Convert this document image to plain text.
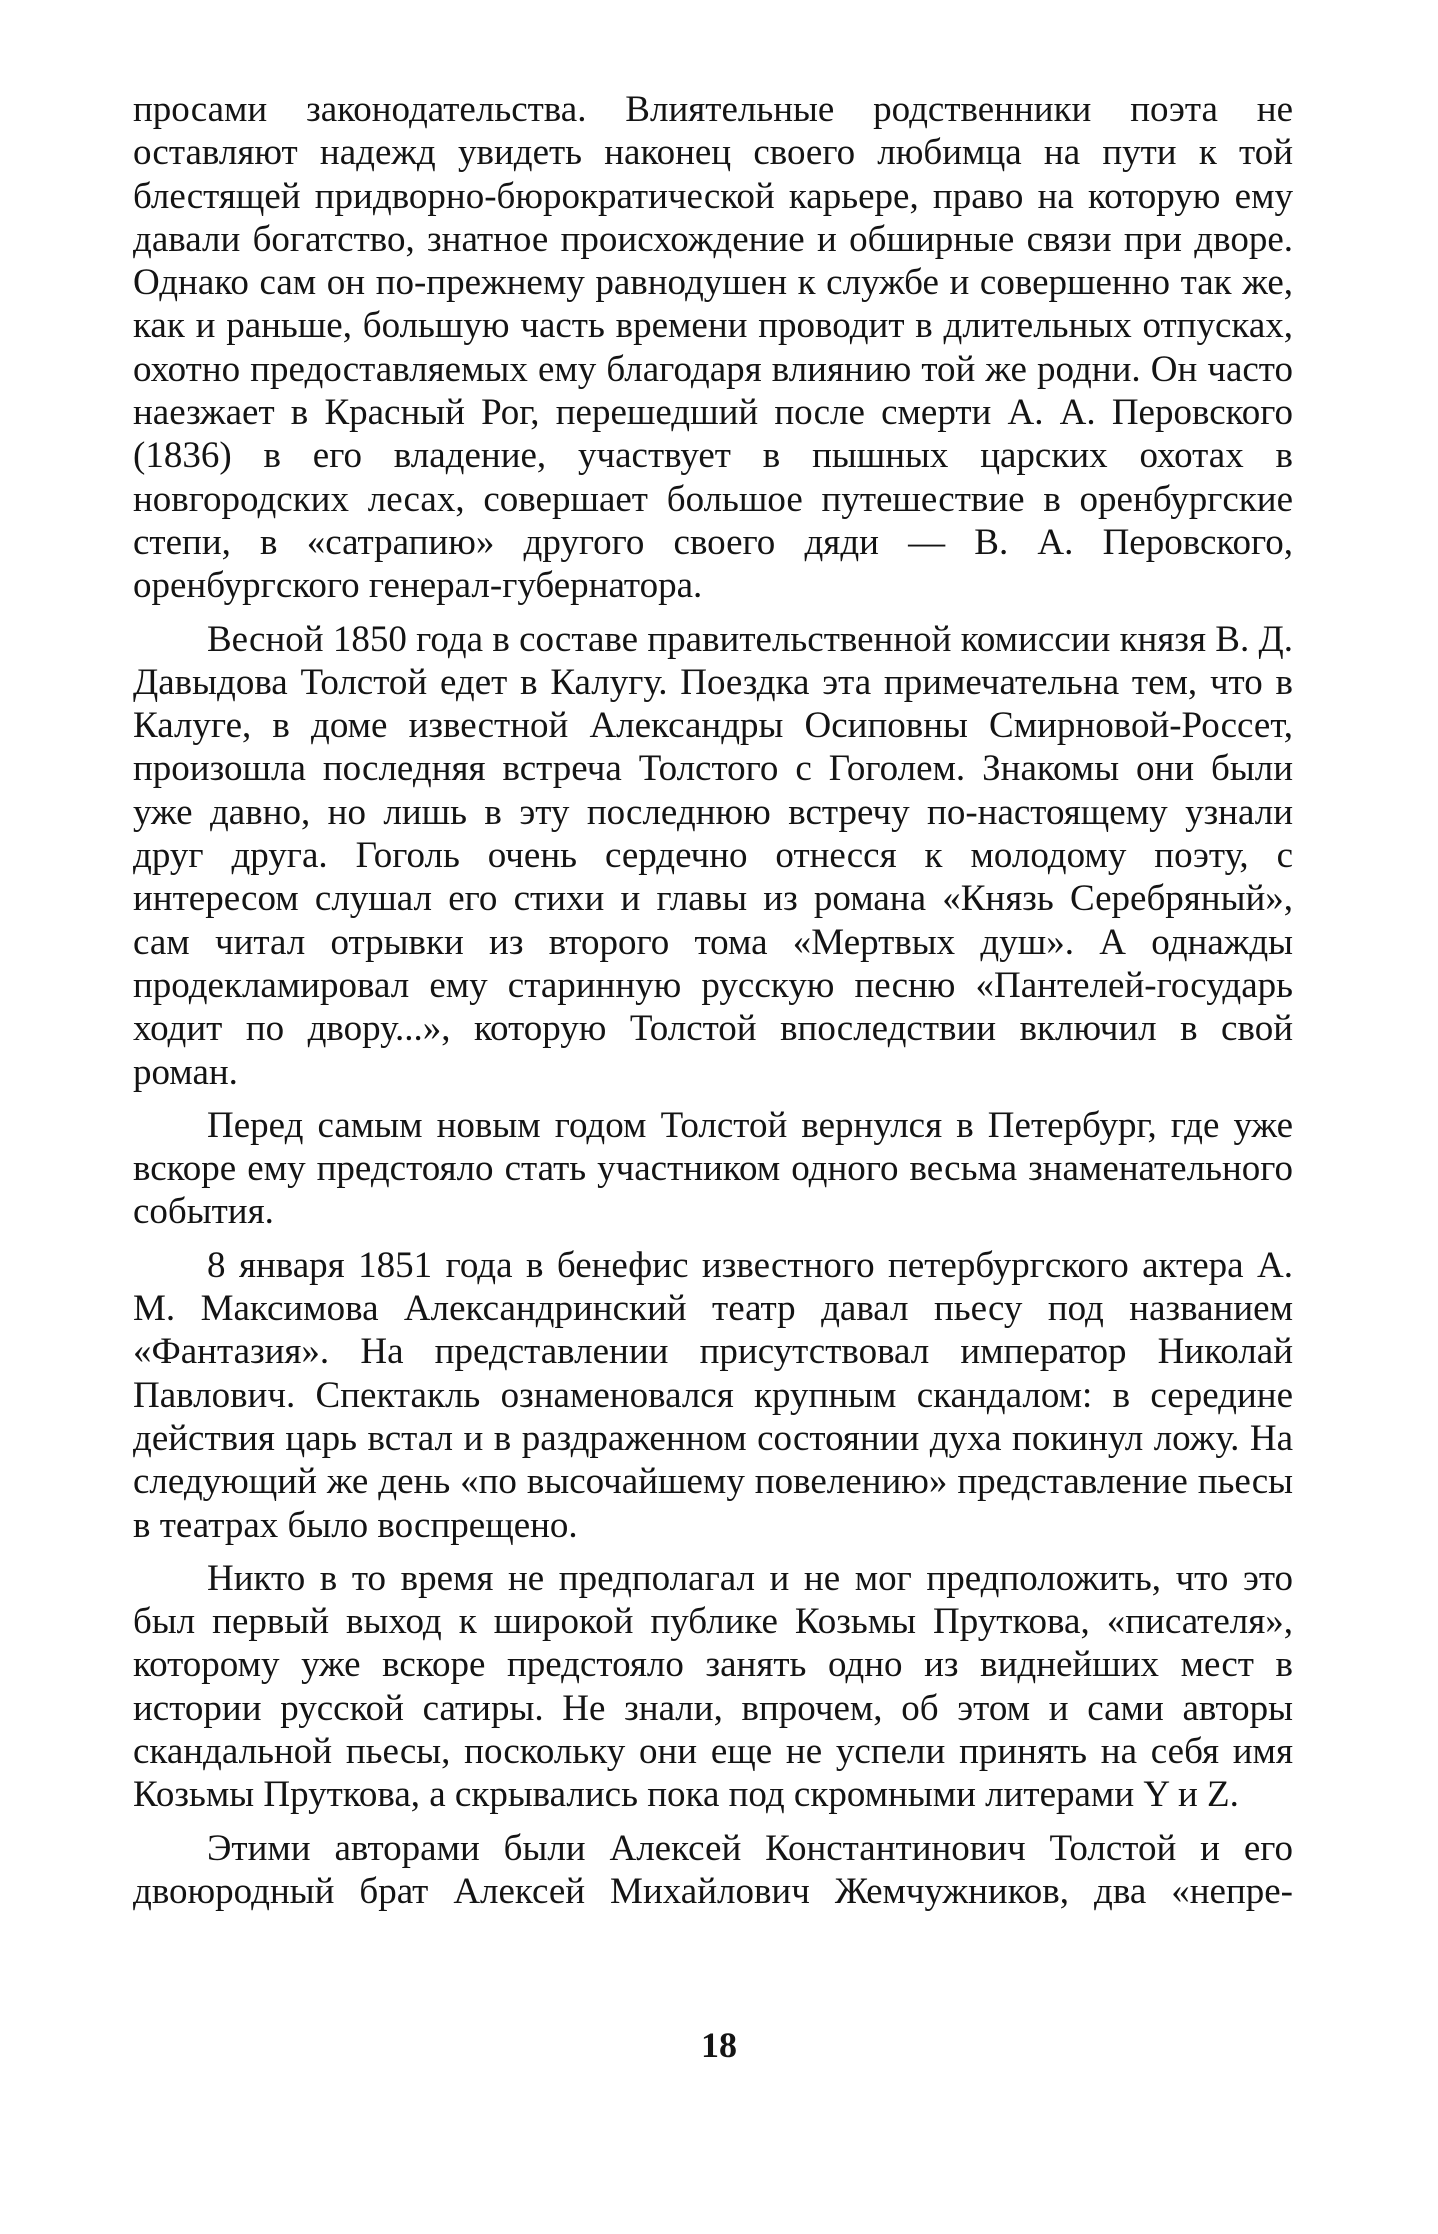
просами законодательства. Влиятельные родственники поэта не оставляют надежд увидеть наконец своего любимца на пути к той блестящей придворно-бюрократической карьере, право на которую ему давали богатство, знатное происхождение и обширные связи при дворе. Однако сам он по-прежнему равнодушен к службе и совершенно так же, как и раньше, большую часть времени проводит в длительных отпусках, охотно предоставляемых ему благодаря влиянию той же родни. Он часто наезжает в Красный Рог, перешедший после смерти А. А. Перовского (1836) в его владение, участвует в пышных царских охотах в новгородских лесах, совершает большое путешествие в оренбургские степи, в «сатрапию» другого своего дяди — В. А. Перовского, оренбургского генерал-губернатора.

Весной 1850 года в составе правительственной комиссии князя В. Д. Давыдова Толстой едет в Калугу. Поездка эта примечательна тем, что в Калуге, в доме известной Александры Осиповны Смирновой-Россет, произошла последняя встреча Толстого с Гоголем. Знакомы они были уже давно, но лишь в эту последнюю встречу по-настоящему узнали друг друга. Гоголь очень сердечно отнесся к молодому поэту, с интересом слушал его стихи и главы из романа «Князь Серебряный», сам читал отрывки из второго тома «Мертвых душ». А однажды продекламировал ему старинную русскую песню «Пантелей-государь ходит по двору...», которую Толстой впоследствии включил в свой роман.

Перед самым новым годом Толстой вернулся в Петербург, где уже вскоре ему предстояло стать участником одного весьма знаменательного события.

8 января 1851 года в бенефис известного петербургского актера А. М. Максимова Александринский театр давал пьесу под названием «Фантазия». На представлении присутствовал император Николай Павлович. Спектакль ознаменовался крупным скандалом: в середине действия царь встал и в раздраженном состоянии духа покинул ложу. На следующий же день «по высочайшему повелению» представление пьесы в театрах было воспрещено.

Никто в то время не предполагал и не мог предположить, что это был первый выход к широкой публике Козьмы Пруткова, «писателя», которому уже вскоре предстояло занять одно из виднейших мест в истории русской сатиры. Не знали, впрочем, об этом и сами авторы скандальной пьесы, поскольку они еще не успели принять на себя имя Козьмы Пруткова, а скрывались пока под скромными литерами Y и Z.

Этими авторами были Алексей Константинович Толстой и его двоюродный брат Алексей Михайлович Жемчужников, два «непре-

18
